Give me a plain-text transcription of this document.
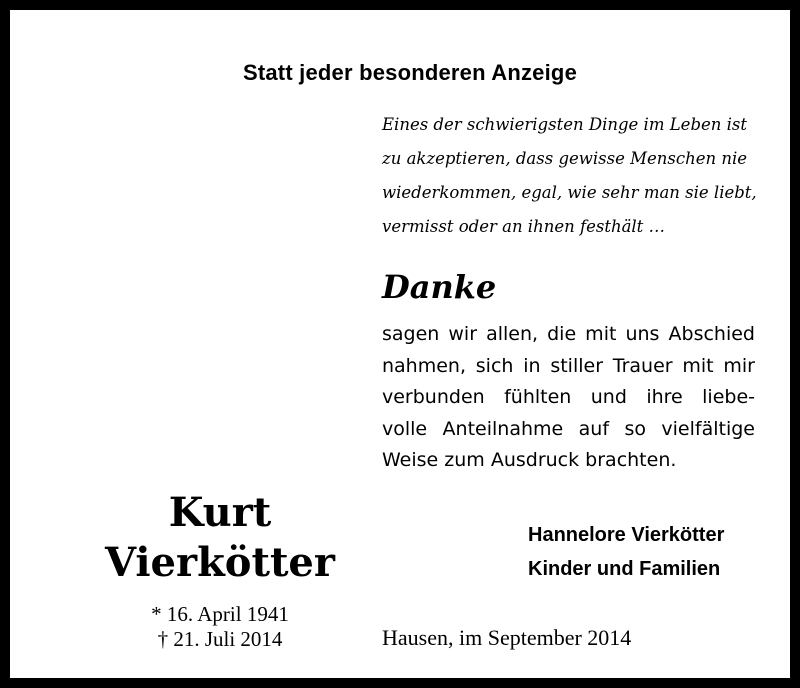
Statt jeder besonderen Anzeige
Eines der schwierigsten Dinge im Leben ist
zu akzeptieren, dass gewisse Menschen nie
wiederkommen, egal, wie sehr man sie liebt,
vermisst oder an ihnen festhält …
Danke
sagen wir allen, die mit uns Abschied
nahmen, sich in stiller Trauer mit mir
verbunden fühlten und ihre liebe-
volle Anteilnahme auf so vielfältige
Weise zum Ausdruck brachten.
Kurt
Vierkötter
* 16. April 1941
† 21. Juli 2014
Hannelore Vierkötter
Kinder und Familien
Hausen, im September 2014
